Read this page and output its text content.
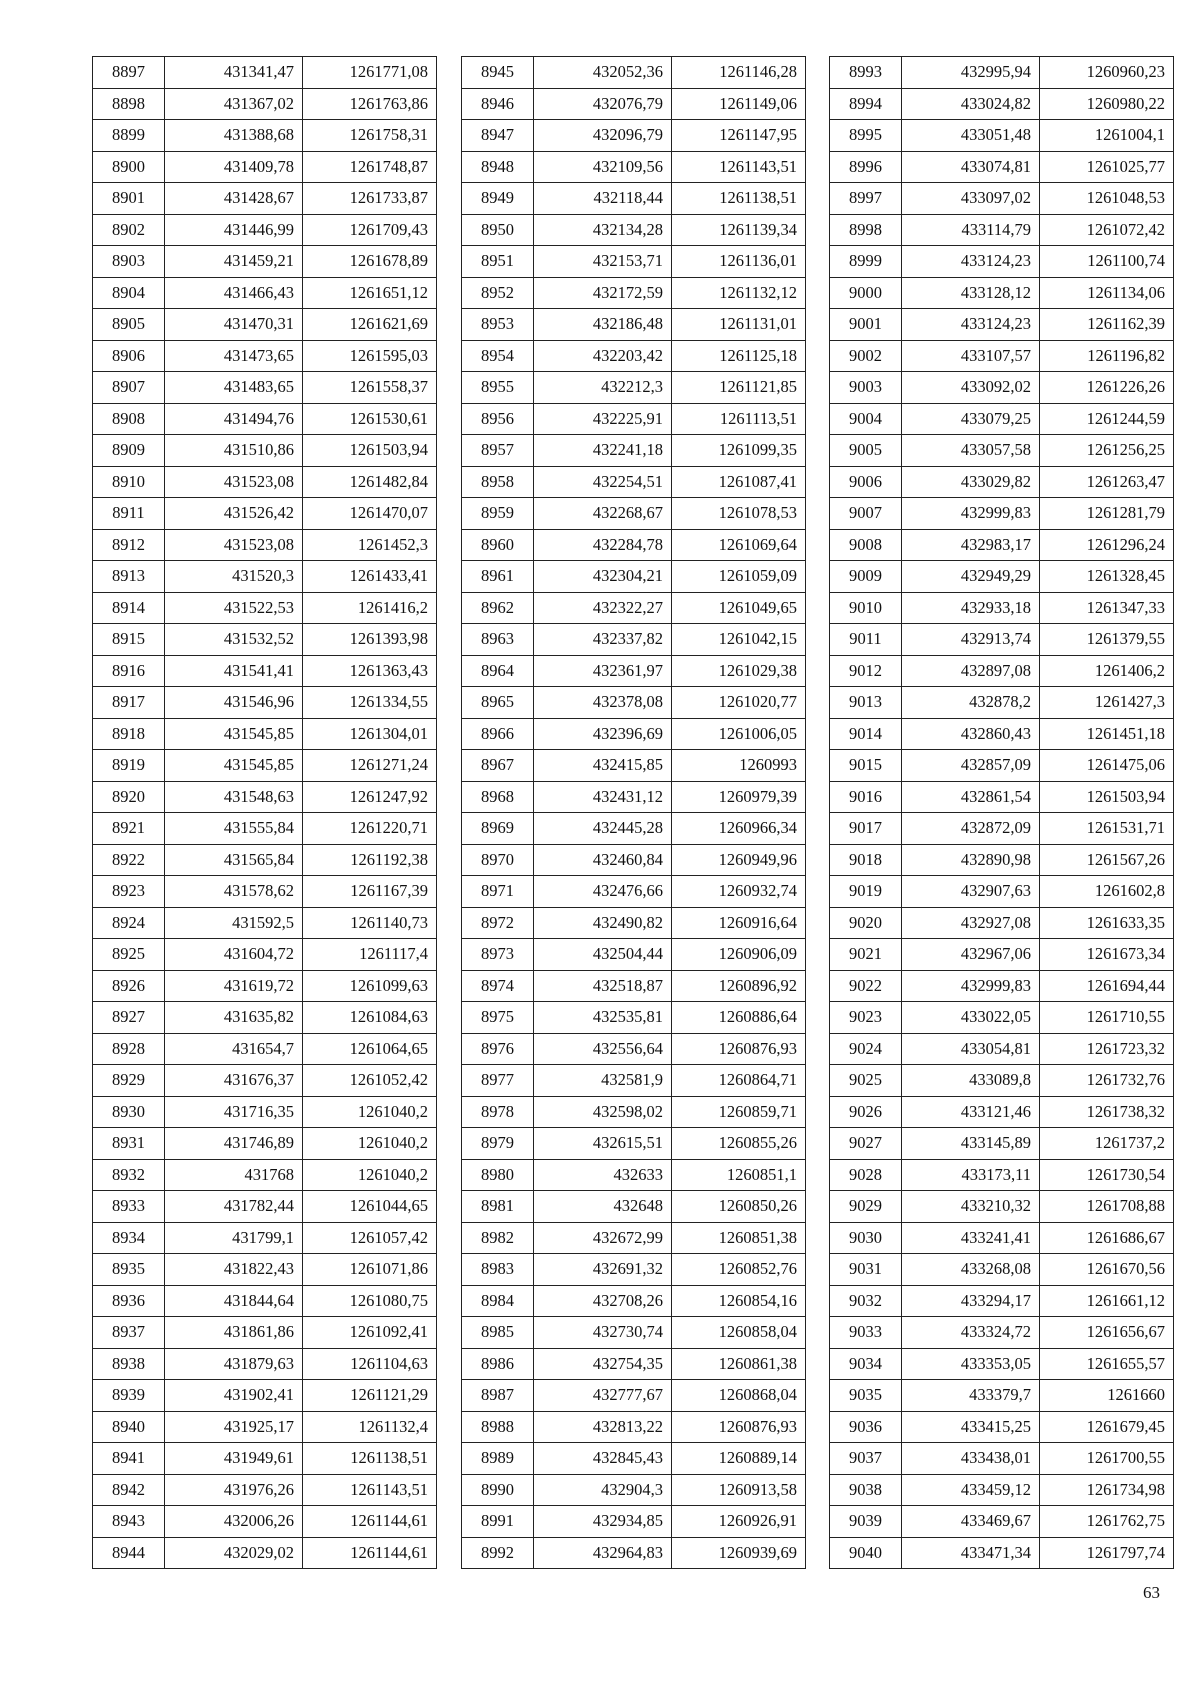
8897	431341,47	1261771,08
8898	431367,02	1261763,86
8899	431388,68	1261758,31
8900	431409,78	1261748,87
8901	431428,67	1261733,87
8902	431446,99	1261709,43
8903	431459,21	1261678,89
8904	431466,43	1261651,12
8905	431470,31	1261621,69
8906	431473,65	1261595,03
8907	431483,65	1261558,37
8908	431494,76	1261530,61
8909	431510,86	1261503,94
8910	431523,08	1261482,84
8911	431526,42	1261470,07
8912	431523,08	1261452,3
8913	431520,3	1261433,41
8914	431522,53	1261416,2
8915	431532,52	1261393,98
8916	431541,41	1261363,43
8917	431546,96	1261334,55
8918	431545,85	1261304,01
8919	431545,85	1261271,24
8920	431548,63	1261247,92
8921	431555,84	1261220,71
8922	431565,84	1261192,38
8923	431578,62	1261167,39
8924	431592,5	1261140,73
8925	431604,72	1261117,4
8926	431619,72	1261099,63
8927	431635,82	1261084,63
8928	431654,7	1261064,65
8929	431676,37	1261052,42
8930	431716,35	1261040,2
8931	431746,89	1261040,2
8932	431768	1261040,2
8933	431782,44	1261044,65
8934	431799,1	1261057,42
8935	431822,43	1261071,86
8936	431844,64	1261080,75
8937	431861,86	1261092,41
8938	431879,63	1261104,63
8939	431902,41	1261121,29
8940	431925,17	1261132,4
8941	431949,61	1261138,51
8942	431976,26	1261143,51
8943	432006,26	1261144,61
8944	432029,02	1261144,61
8945	432052,36	1261146,28
8946	432076,79	1261149,06
8947	432096,79	1261147,95
8948	432109,56	1261143,51
8949	432118,44	1261138,51
8950	432134,28	1261139,34
8951	432153,71	1261136,01
8952	432172,59	1261132,12
8953	432186,48	1261131,01
8954	432203,42	1261125,18
8955	432212,3	1261121,85
8956	432225,91	1261113,51
8957	432241,18	1261099,35
8958	432254,51	1261087,41
8959	432268,67	1261078,53
8960	432284,78	1261069,64
8961	432304,21	1261059,09
8962	432322,27	1261049,65
8963	432337,82	1261042,15
8964	432361,97	1261029,38
8965	432378,08	1261020,77
8966	432396,69	1261006,05
8967	432415,85	1260993
8968	432431,12	1260979,39
8969	432445,28	1260966,34
8970	432460,84	1260949,96
8971	432476,66	1260932,74
8972	432490,82	1260916,64
8973	432504,44	1260906,09
8974	432518,87	1260896,92
8975	432535,81	1260886,64
8976	432556,64	1260876,93
8977	432581,9	1260864,71
8978	432598,02	1260859,71
8979	432615,51	1260855,26
8980	432633	1260851,1
8981	432648	1260850,26
8982	432672,99	1260851,38
8983	432691,32	1260852,76
8984	432708,26	1260854,16
8985	432730,74	1260858,04
8986	432754,35	1260861,38
8987	432777,67	1260868,04
8988	432813,22	1260876,93
8989	432845,43	1260889,14
8990	432904,3	1260913,58
8991	432934,85	1260926,91
8992	432964,83	1260939,69
8993	432995,94	1260960,23
8994	433024,82	1260980,22
8995	433051,48	1261004,1
8996	433074,81	1261025,77
8997	433097,02	1261048,53
8998	433114,79	1261072,42
8999	433124,23	1261100,74
9000	433128,12	1261134,06
9001	433124,23	1261162,39
9002	433107,57	1261196,82
9003	433092,02	1261226,26
9004	433079,25	1261244,59
9005	433057,58	1261256,25
9006	433029,82	1261263,47
9007	432999,83	1261281,79
9008	432983,17	1261296,24
9009	432949,29	1261328,45
9010	432933,18	1261347,33
9011	432913,74	1261379,55
9012	432897,08	1261406,2
9013	432878,2	1261427,3
9014	432860,43	1261451,18
9015	432857,09	1261475,06
9016	432861,54	1261503,94
9017	432872,09	1261531,71
9018	432890,98	1261567,26
9019	432907,63	1261602,8
9020	432927,08	1261633,35
9021	432967,06	1261673,34
9022	432999,83	1261694,44
9023	433022,05	1261710,55
9024	433054,81	1261723,32
9025	433089,8	1261732,76
9026	433121,46	1261738,32
9027	433145,89	1261737,2
9028	433173,11	1261730,54
9029	433210,32	1261708,88
9030	433241,41	1261686,67
9031	433268,08	1261670,56
9032	433294,17	1261661,12
9033	433324,72	1261656,67
9034	433353,05	1261655,57
9035	433379,7	1261660
9036	433415,25	1261679,45
9037	433438,01	1261700,55
9038	433459,12	1261734,98
9039	433469,67	1261762,75
9040	433471,34	1261797,74
63
